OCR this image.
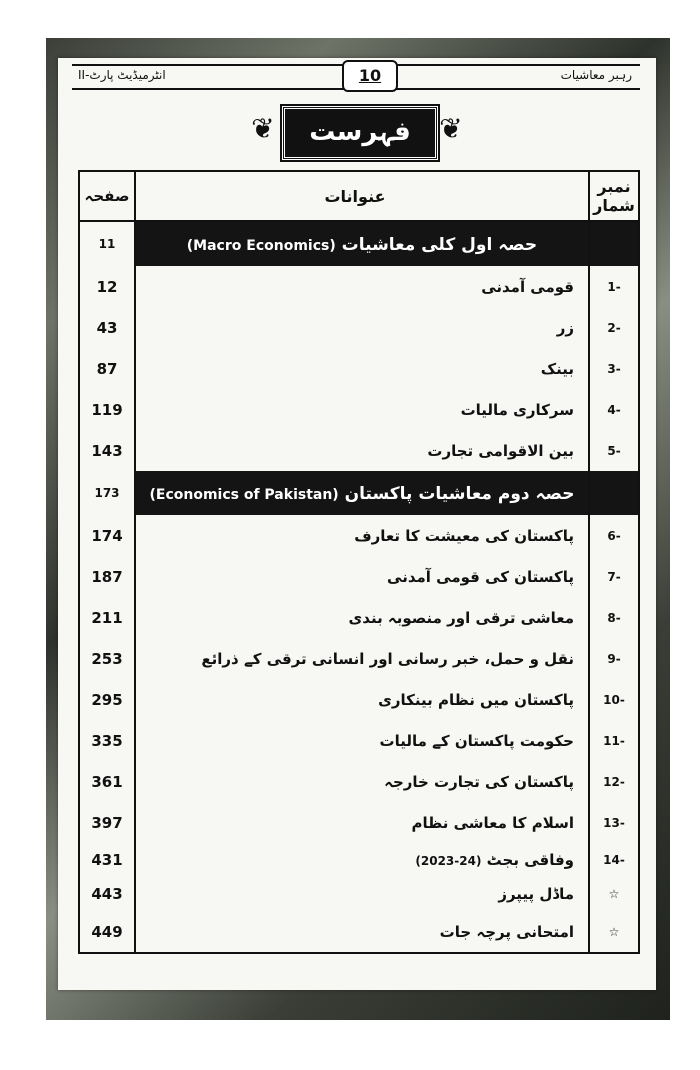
انٹرمیڈیٹ پارٹ-II	رہبر معاشیات
10
❦	فہرست	❦
نمبر شمار	عنوانات	صفحہ
	حصہ اول کلی معاشیات (Macro Economics)	11
-1	قومی آمدنی	12
-2	زر	43
-3	بینک	87
-4	سرکاری مالیات	119
-5	بین الاقوامی تجارت	143
	حصہ دوم معاشیات پاکستان (Economics of Pakistan)	173
-6	پاکستان کی معیشت کا تعارف	174
-7	پاکستان کی قومی آمدنی	187
-8	معاشی ترقی اور منصوبہ بندی	211
-9	نقل و حمل، خبر رسانی اور انسانی ترقی کے ذرائع	253
-10	پاکستان میں نظام بینکاری	295
-11	حکومت پاکستان کے مالیات	335
-12	پاکستان کی تجارت خارجہ	361
-13	اسلام کا معاشی نظام	397
-14	وفاقی بجٹ (2023-24)	431
☆	ماڈل پیپرز	443
☆	امتحانی پرچہ جات	449
